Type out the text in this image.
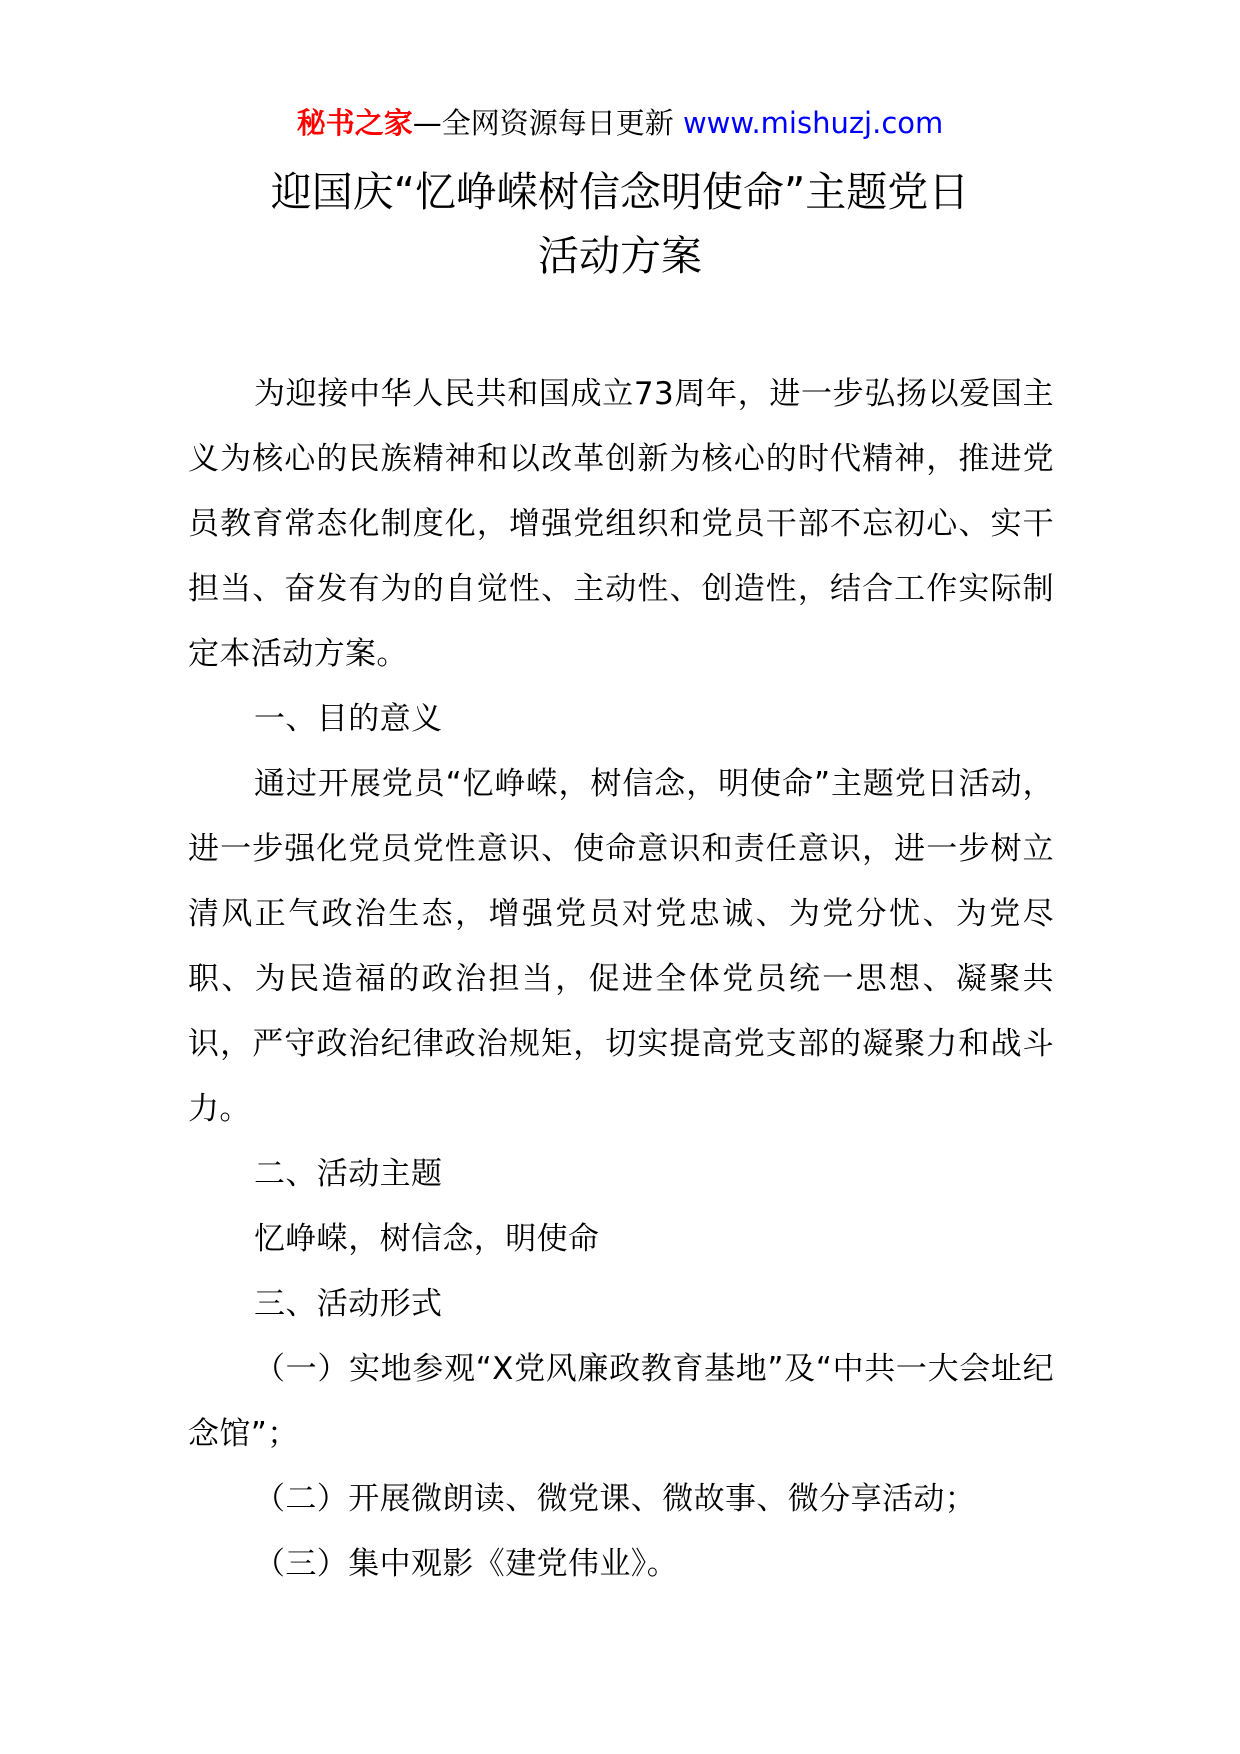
秘书之家—全网资源每日更新 www.mishuzj.com
迎国庆“忆峥嵘树信念明使命”主题党日
活动方案

为迎接中华人民共和国成立73周年，进一步弘扬以爱国主义为核心的民族精神和以改革创新为核心的时代精神，推进党员教育常态化制度化，增强党组织和党员干部不忘初心、实干担当、奋发有为的自觉性、主动性、创造性，结合工作实际制定本活动方案。

一、目的意义

通过开展党员“忆峥嵘，树信念，明使命”主题党日活动，进一步强化党员党性意识、使命意识和责任意识，进一步树立清风正气政治生态，增强党员对党忠诚、为党分忧、为党尽职、为民造福的政治担当，促进全体党员统一思想、凝聚共识，严守政治纪律政治规矩，切实提高党支部的凝聚力和战斗力。

二、活动主题

忆峥嵘，树信念，明使命

三、活动形式

（一）实地参观“X党风廉政教育基地”及“中共一大会址纪念馆”；

（二）开展微朗读、微党课、微故事、微分享活动；

（三）集中观影《建党伟业》。
